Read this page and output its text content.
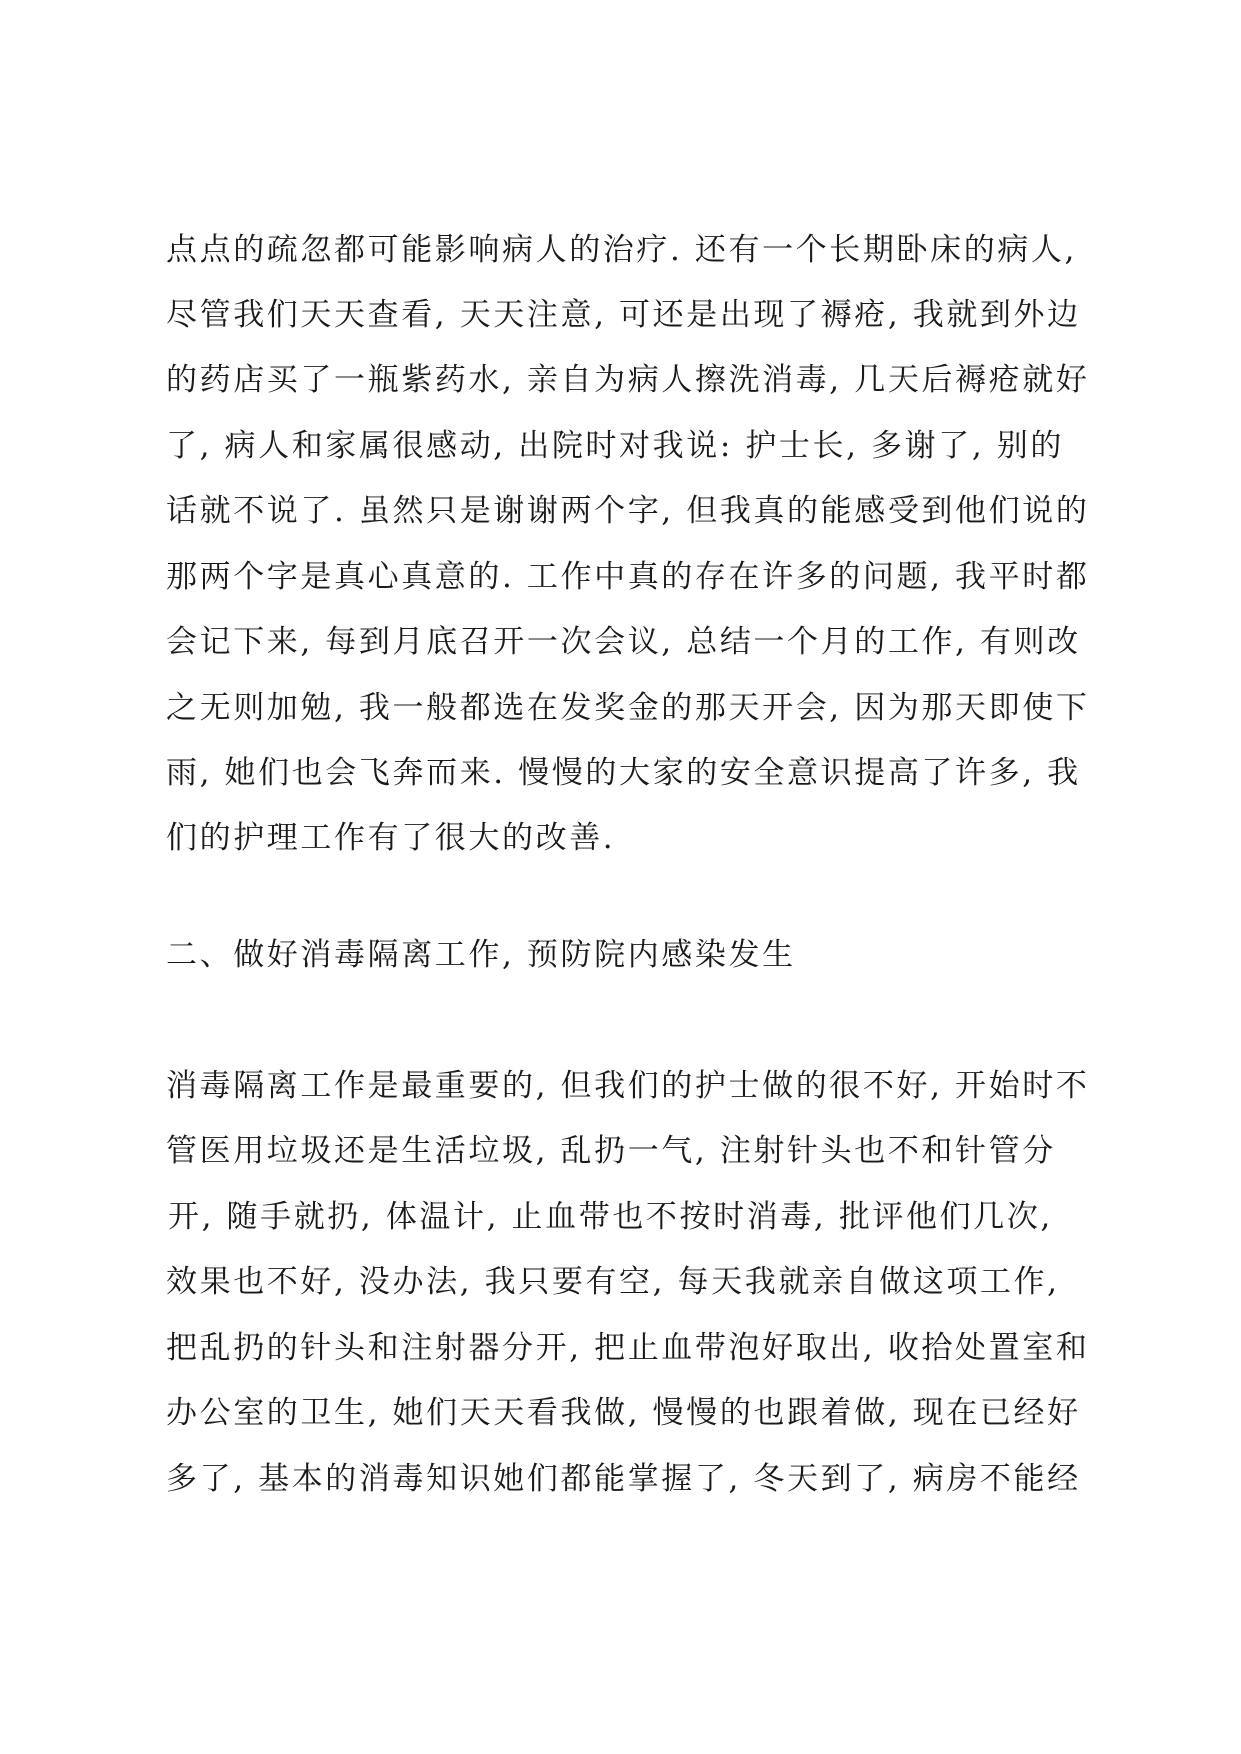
点点的疏忽都可能影响病人的治疗. 还有一个长期卧床的病人,
尽管我们天天查看, 天天注意, 可还是出现了褥疮, 我就到外边
的药店买了一瓶紫药水, 亲自为病人擦洗消毒, 几天后褥疮就好
了, 病人和家属很感动, 出院时对我说: 护士长, 多谢了, 别的
话就不说了. 虽然只是谢谢两个字, 但我真的能感受到他们说的
那两个字是真心真意的. 工作中真的存在许多的问题, 我平时都
会记下来, 每到月底召开一次会议, 总结一个月的工作, 有则改
之无则加勉, 我一般都选在发奖金的那天开会, 因为那天即使下
雨, 她们也会飞奔而来. 慢慢的大家的安全意识提高了许多, 我
们的护理工作有了很大的改善.
二、做好消毒隔离工作, 预防院内感染发生
消毒隔离工作是最重要的, 但我们的护士做的很不好, 开始时不
管医用垃圾还是生活垃圾, 乱扔一气, 注射针头也不和针管分
开, 随手就扔, 体温计, 止血带也不按时消毒, 批评他们几次,
效果也不好, 没办法, 我只要有空, 每天我就亲自做这项工作,
把乱扔的针头和注射器分开, 把止血带泡好取出, 收拾处置室和
办公室的卫生, 她们天天看我做, 慢慢的也跟着做, 现在已经好
多了, 基本的消毒知识她们都能掌握了, 冬天到了, 病房不能经
